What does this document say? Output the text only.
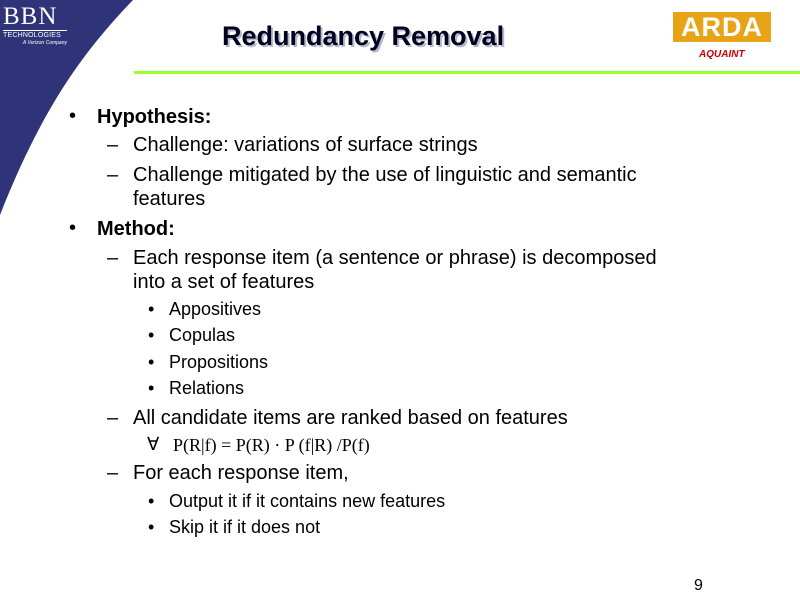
BBN
TECHNOLOGIES
A Verizon Company	Redundancy Removal	ARDA
AQUAINT
• Hypothesis:
– Challenge: variations of surface strings
– Challenge mitigated by the use of linguistic and semantic
features
• Method:
– Each response item (a sentence or phrase) is decomposed
into a set of features
• Appositives
• Copulas
• Propositions
• Relations
– All candidate items are ranked based on features
∀ P(R|f) = P(R) · P (f|R) /P(f)
– For each response item,
• Output it if it contains new features
• Skip it if it does not
9
